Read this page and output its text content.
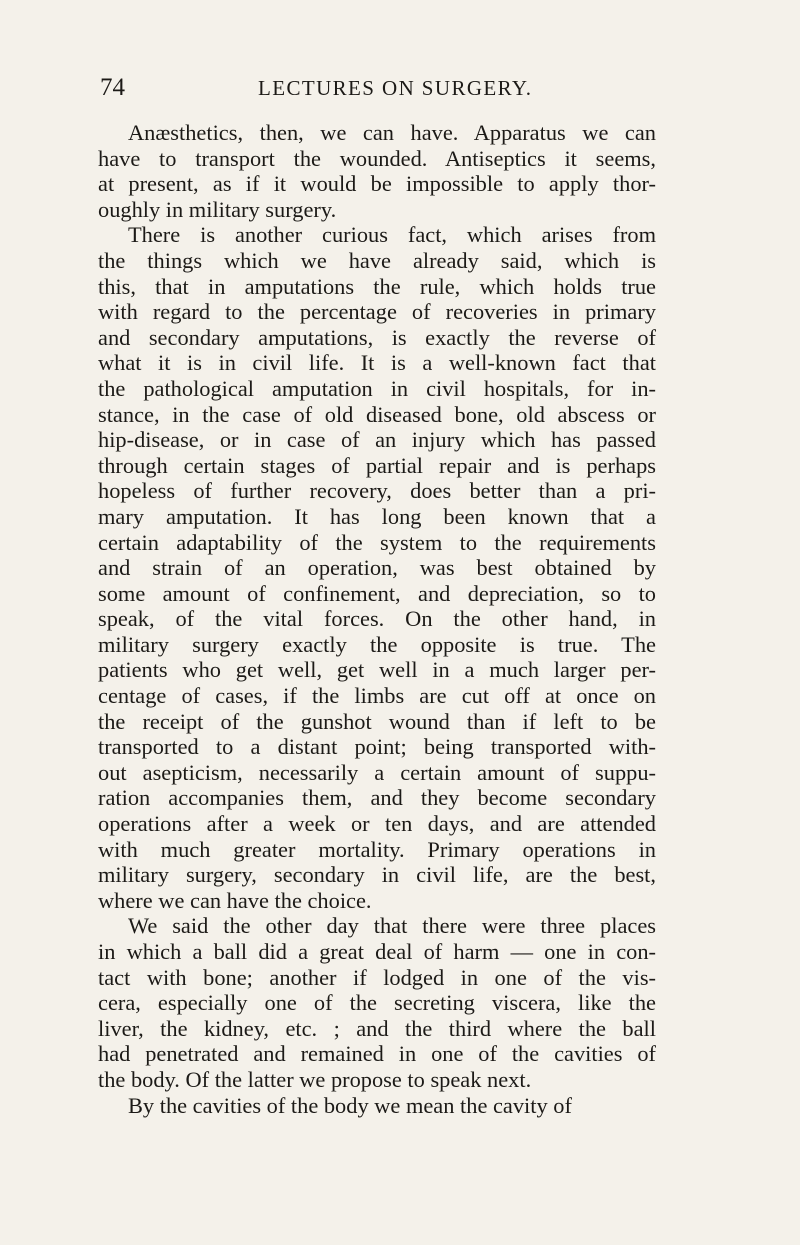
74	LECTURES ON SURGERY.
Anæsthetics, then, we can have. Apparatus we can
have to transport the wounded. Antiseptics it seems,
at present, as if it would be impossible to apply thor-
oughly in military surgery.
There is another curious fact, which arises from
the things which we have already said, which is
this, that in amputations the rule, which holds true
with regard to the percentage of recoveries in primary
and secondary amputations, is exactly the reverse of
what it is in civil life. It is a well-known fact that
the pathological amputation in civil hospitals, for in-
stance, in the case of old diseased bone, old abscess or
hip-disease, or in case of an injury which has passed
through certain stages of partial repair and is perhaps
hopeless of further recovery, does better than a pri-
mary amputation. It has long been known that a
certain adaptability of the system to the requirements
and strain of an operation, was best obtained by
some amount of confinement, and depreciation, so to
speak, of the vital forces. On the other hand, in
military surgery exactly the opposite is true. The
patients who get well, get well in a much larger per-
centage of cases, if the limbs are cut off at once on
the receipt of the gunshot wound than if left to be
transported to a distant point; being transported with-
out asepticism, necessarily a certain amount of suppu-
ration accompanies them, and they become secondary
operations after a week or ten days, and are attended
with much greater mortality. Primary operations in
military surgery, secondary in civil life, are the best,
where we can have the choice.
We said the other day that there were three places
in which a ball did a great deal of harm — one in con-
tact with bone; another if lodged in one of the vis-
cera, especially one of the secreting viscera, like the
liver, the kidney, etc. ; and the third where the ball
had penetrated and remained in one of the cavities of
the body. Of the latter we propose to speak next.
By the cavities of the body we mean the cavity of
